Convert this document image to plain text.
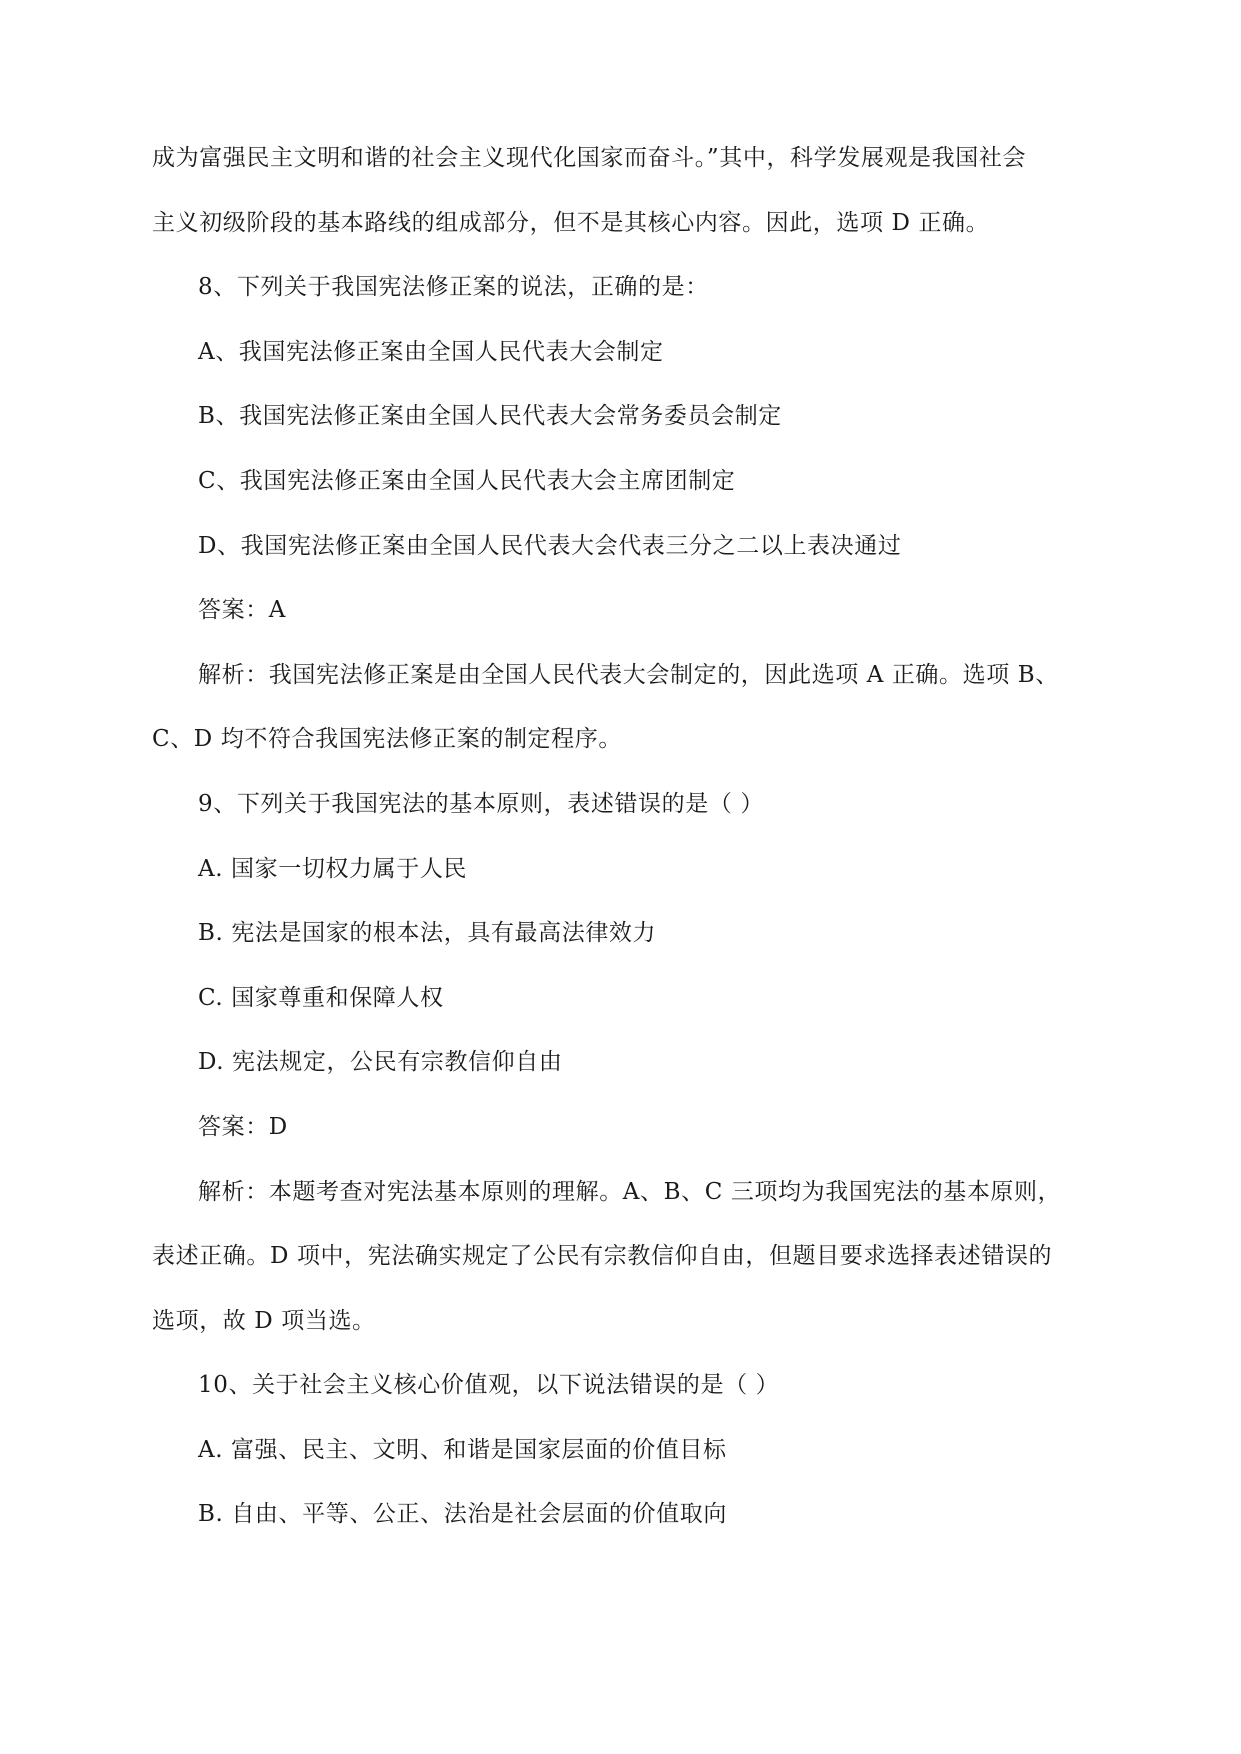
成为富强民主文明和谐的社会主义现代化国家而奋斗。”其中，科学发展观是我国社会
主义初级阶段的基本路线的组成部分，但不是其核心内容。因此，选项 D 正确。
8、下列关于我国宪法修正案的说法，正确的是：
A、我国宪法修正案由全国人民代表大会制定
B、我国宪法修正案由全国人民代表大会常务委员会制定
C、我国宪法修正案由全国人民代表大会主席团制定
D、我国宪法修正案由全国人民代表大会代表三分之二以上表决通过
答案：A
解析：我国宪法修正案是由全国人民代表大会制定的，因此选项 A 正确。选项 B、
C、D 均不符合我国宪法修正案的制定程序。
9、下列关于我国宪法的基本原则，表述错误的是（ ）
A. 国家一切权力属于人民
B. 宪法是国家的根本法，具有最高法律效力
C. 国家尊重和保障人权
D. 宪法规定，公民有宗教信仰自由
答案：D
解析：本题考查对宪法基本原则的理解。A、B、C 三项均为我国宪法的基本原则，
表述正确。D 项中，宪法确实规定了公民有宗教信仰自由，但题目要求选择表述错误的
选项，故 D 项当选。
10、关于社会主义核心价值观，以下说法错误的是（ ）
A. 富强、民主、文明、和谐是国家层面的价值目标
B. 自由、平等、公正、法治是社会层面的价值取向
